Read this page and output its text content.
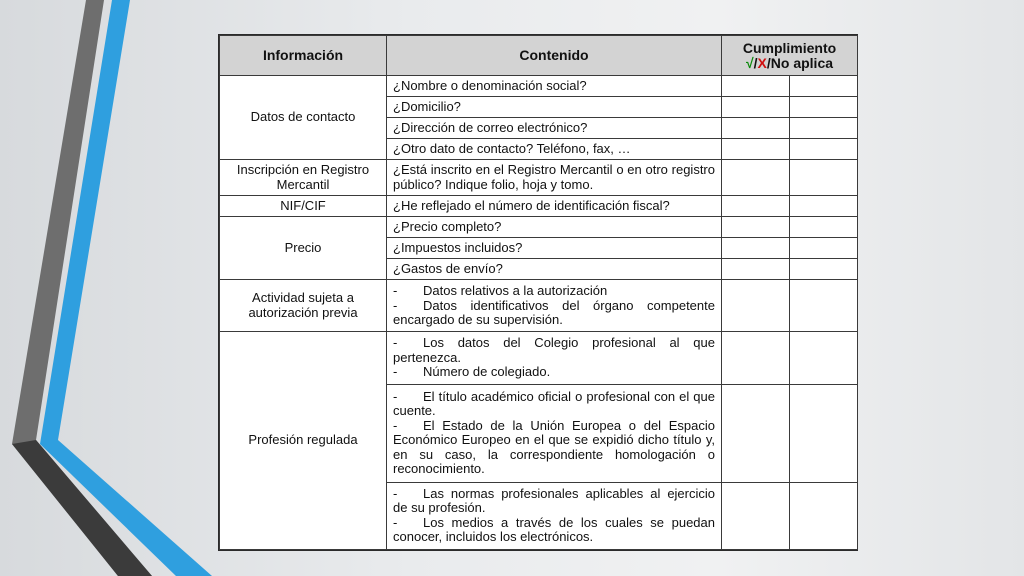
Información	Contenido	Cumplimiento
√/X/No aplica	
Datos de contacto	¿Nombre o denominación social?		
	¿Domicilio?		
	¿Dirección de correo electrónico?		
	¿Otro dato de contacto? Teléfono, fax, …		
Inscripción en Registro Mercantil	¿Está inscrito en el Registro Mercantil o en otro registro público? Indique folio, hoja y tomo.		
NIF/CIF	¿He reflejado el número de identificación fiscal?		
Precio	¿Precio completo?		
	¿Impuestos incluidos?		
	¿Gastos de envío?		
Actividad sujeta a autorización previa	- Datos relativos a la autorización
- Datos identificativos del órgano competente encargado de su supervisión.		

Profesión regulada	- Los datos del Colegio profesional al que pertenezca.
- Número de colegiado.		

	- El título académico oficial o profesional con el que cuente.
- El Estado de la Unión Europea o del Espacio Económico Europeo en el que se expidió dicho título y, en su caso, la correspondiente homologación o reconocimiento.		

	- Las normas profesionales aplicables al ejercicio de su profesión.
- Los medios a través de los cuales se puedan conocer, incluidos los electrónicos.		
